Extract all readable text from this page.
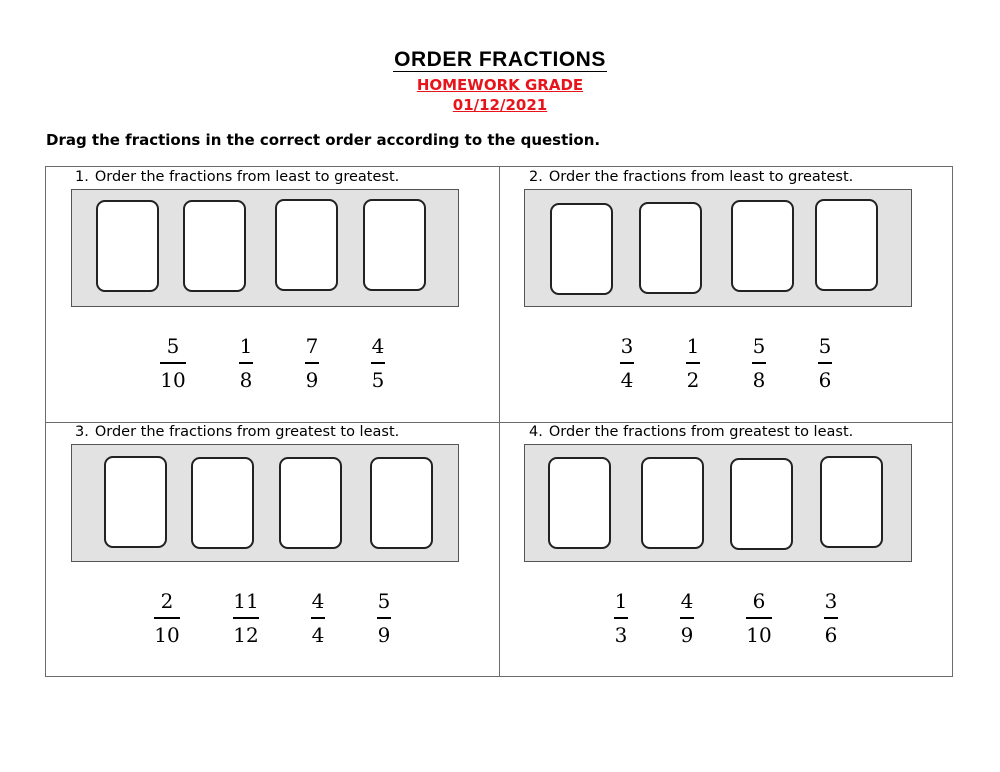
ORDER FRACTIONS
HOMEWORK GRADE
01/12/2021
Drag the fractions in the correct order according to the question.
1. Order the fractions from least to greatest.
5
10
1
8
7
9
4
5
2. Order the fractions from least to greatest.
3
4
1
2
5
8
5
6
3. Order the fractions from greatest to least.
2
10
11
12
4
4
5
9
4. Order the fractions from greatest to least.
1
3
4
9
6
10
3
6
